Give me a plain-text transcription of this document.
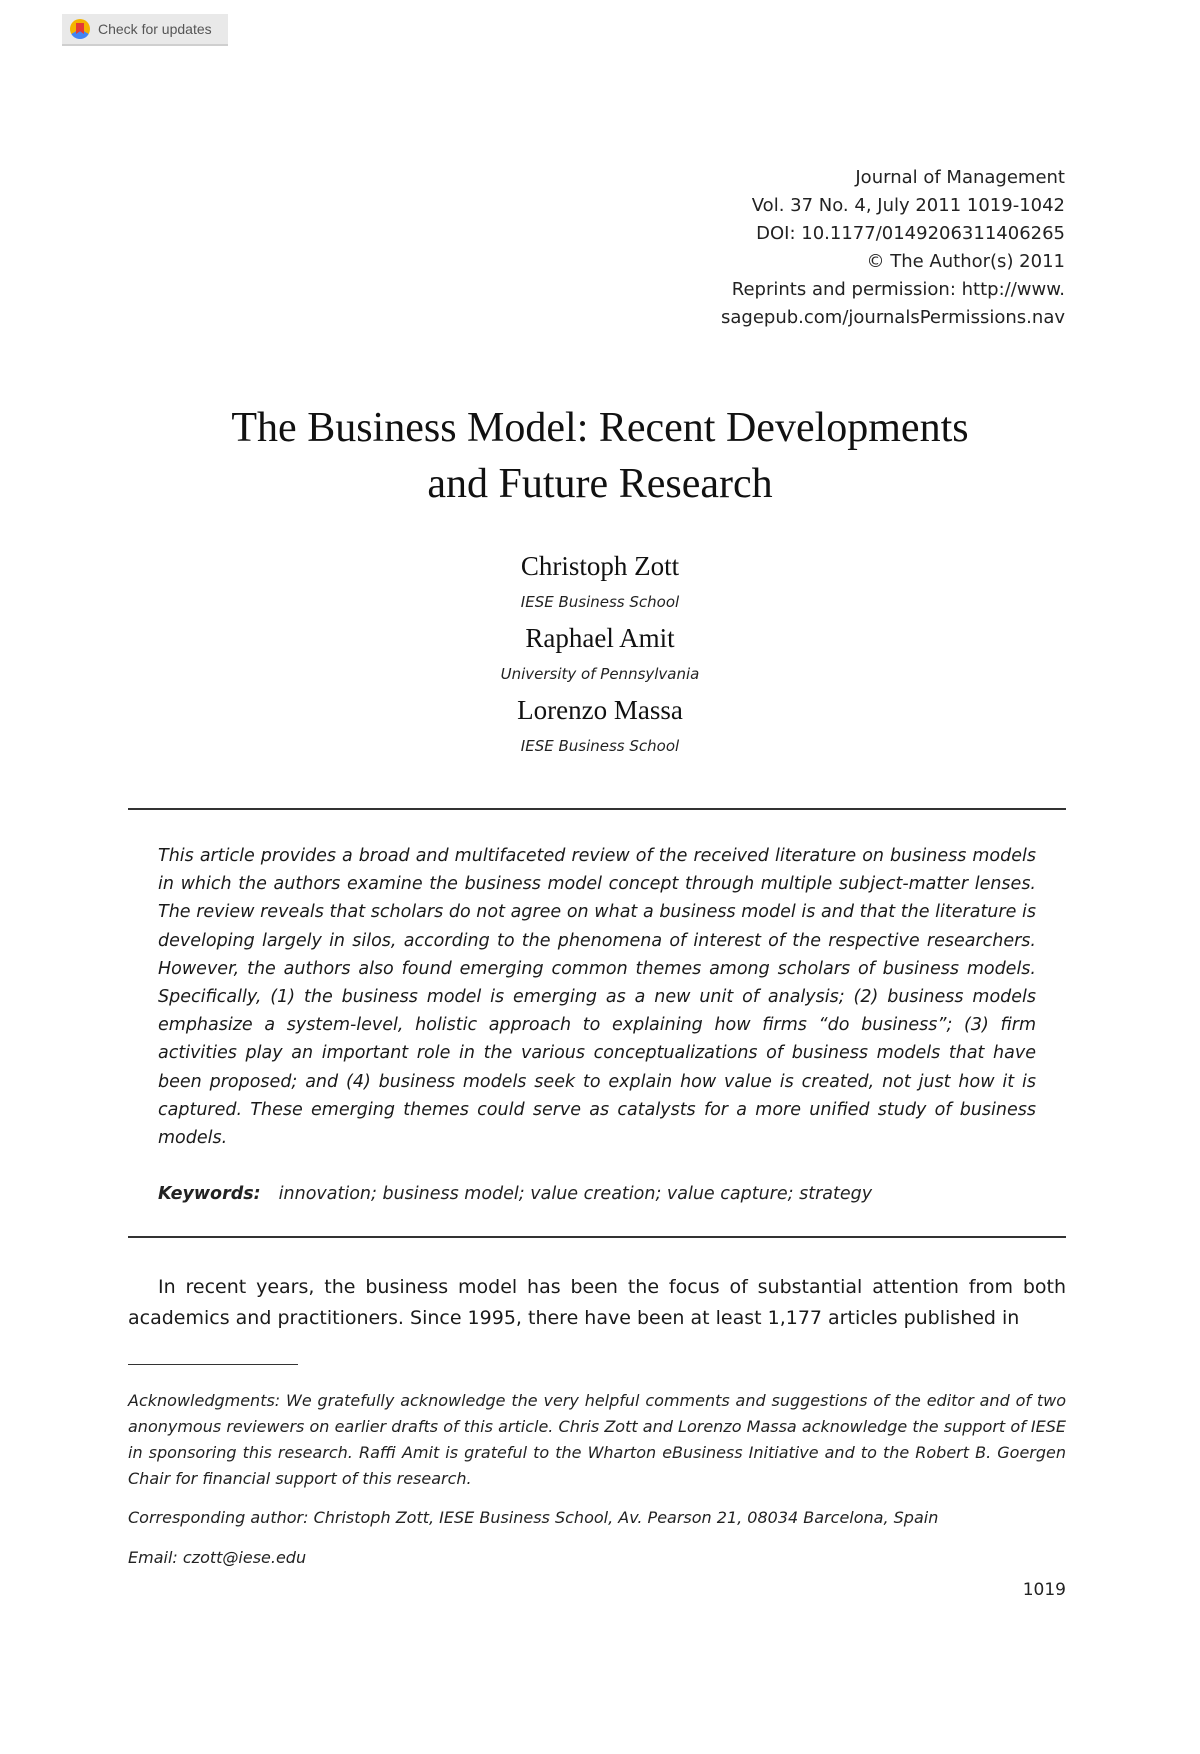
Check for updates
Journal of Management
Vol. 37 No. 4, July 2011 1019-1042
DOI: 10.1177/0149206311406265
© The Author(s) 2011
Reprints and permission: http://www.
sagepub.com/journalsPermissions.nav
The Business Model: Recent Developments
and Future Research
Christoph Zott
IESE Business School
Raphael Amit
University of Pennsylvania
Lorenzo Massa
IESE Business School
This article provides a broad and multifaceted review of the received literature on business models in which the authors examine the business model concept through multiple subject-matter lenses. The review reveals that scholars do not agree on what a business model is and that the literature is developing largely in silos, according to the phenomena of interest of the respective researchers. However, the authors also found emerging common themes among scholars of business models. Specifically, (1) the business model is emerging as a new unit of analysis; (2) business models emphasize a system-level, holistic approach to explaining how firms “do business”; (3) firm activities play an important role in the various conceptualizations of business models that have been proposed; and (4) business models seek to explain how value is created, not just how it is captured. These emerging themes could serve as catalysts for a more unified study of business models.
Keywords: innovation; business model; value creation; value capture; strategy
In recent years, the business model has been the focus of substantial attention from both academics and practitioners. Since 1995, there have been at least 1,177 articles published in
Acknowledgments: We gratefully acknowledge the very helpful comments and suggestions of the editor and of two anonymous reviewers on earlier drafts of this article. Chris Zott and Lorenzo Massa acknowledge the support of IESE in sponsoring this research. Raffi Amit is grateful to the Wharton eBusiness Initiative and to the Robert B. Goergen Chair for financial support of this research.
Corresponding author: Christoph Zott, IESE Business School, Av. Pearson 21, 08034 Barcelona, Spain
Email: czott@iese.edu
1019
